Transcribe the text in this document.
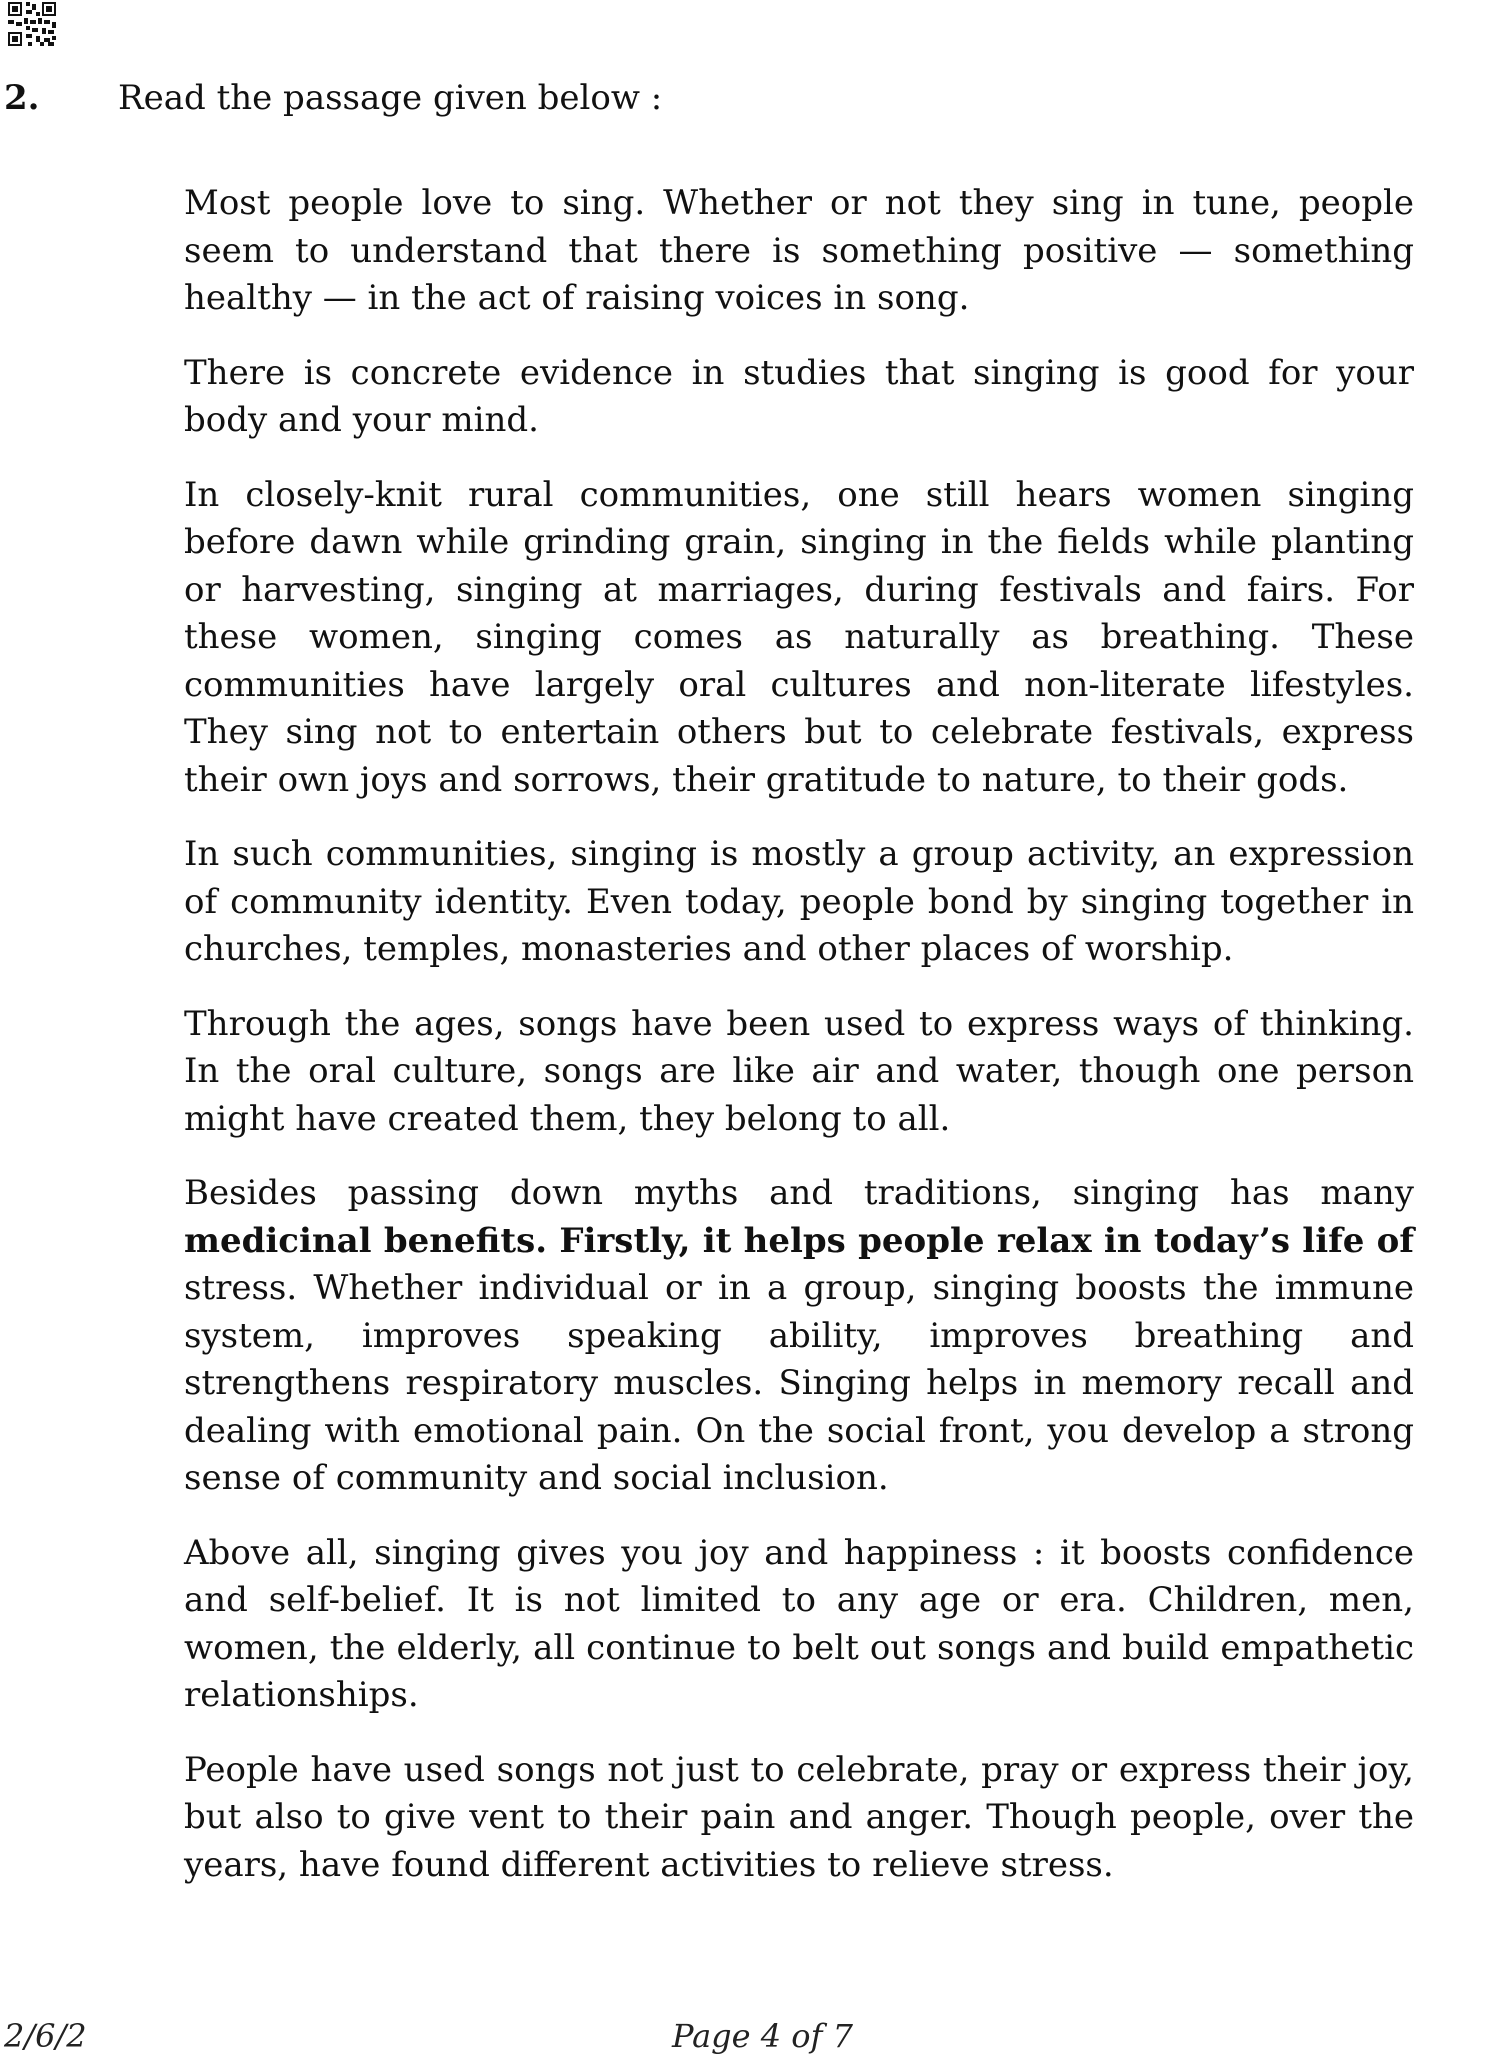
2. Read the passage given below :

Most people love to sing. Whether or not they sing in tune, people seem to understand that there is something positive — something healthy — in the act of raising voices in song.

There is concrete evidence in studies that singing is good for your body and your mind.

In closely-knit rural communities, one still hears women singing before dawn while grinding grain, singing in the fields while planting or harvesting, singing at marriages, during festivals and fairs. For these women, singing comes as naturally as breathing. These communities have largely oral cultures and non-literate lifestyles. They sing not to entertain others but to celebrate festivals, express their own joys and sorrows, their gratitude to nature, to their gods.

In such communities, singing is mostly a group activity, an expression of community identity. Even today, people bond by singing together in churches, temples, monasteries and other places of worship.

Through the ages, songs have been used to express ways of thinking. In the oral culture, songs are like air and water, though one person might have created them, they belong to all.

Besides passing down myths and traditions, singing has many medicinal benefits. Firstly, it helps people relax in today’s life of stress. Whether individual or in a group, singing boosts the immune system, improves speaking ability, improves breathing and strengthens respiratory muscles. Singing helps in memory recall and dealing with emotional pain. On the social front, you develop a strong sense of community and social inclusion.

Above all, singing gives you joy and happiness : it boosts confidence and self-belief. It is not limited to any age or era. Children, men, women, the elderly, all continue to belt out songs and build empathetic relationships.

People have used songs not just to celebrate, pray or express their joy, but also to give vent to their pain and anger. Though people, over the years, have found different activities to relieve stress.

2/6/2	Page 4 of 7
